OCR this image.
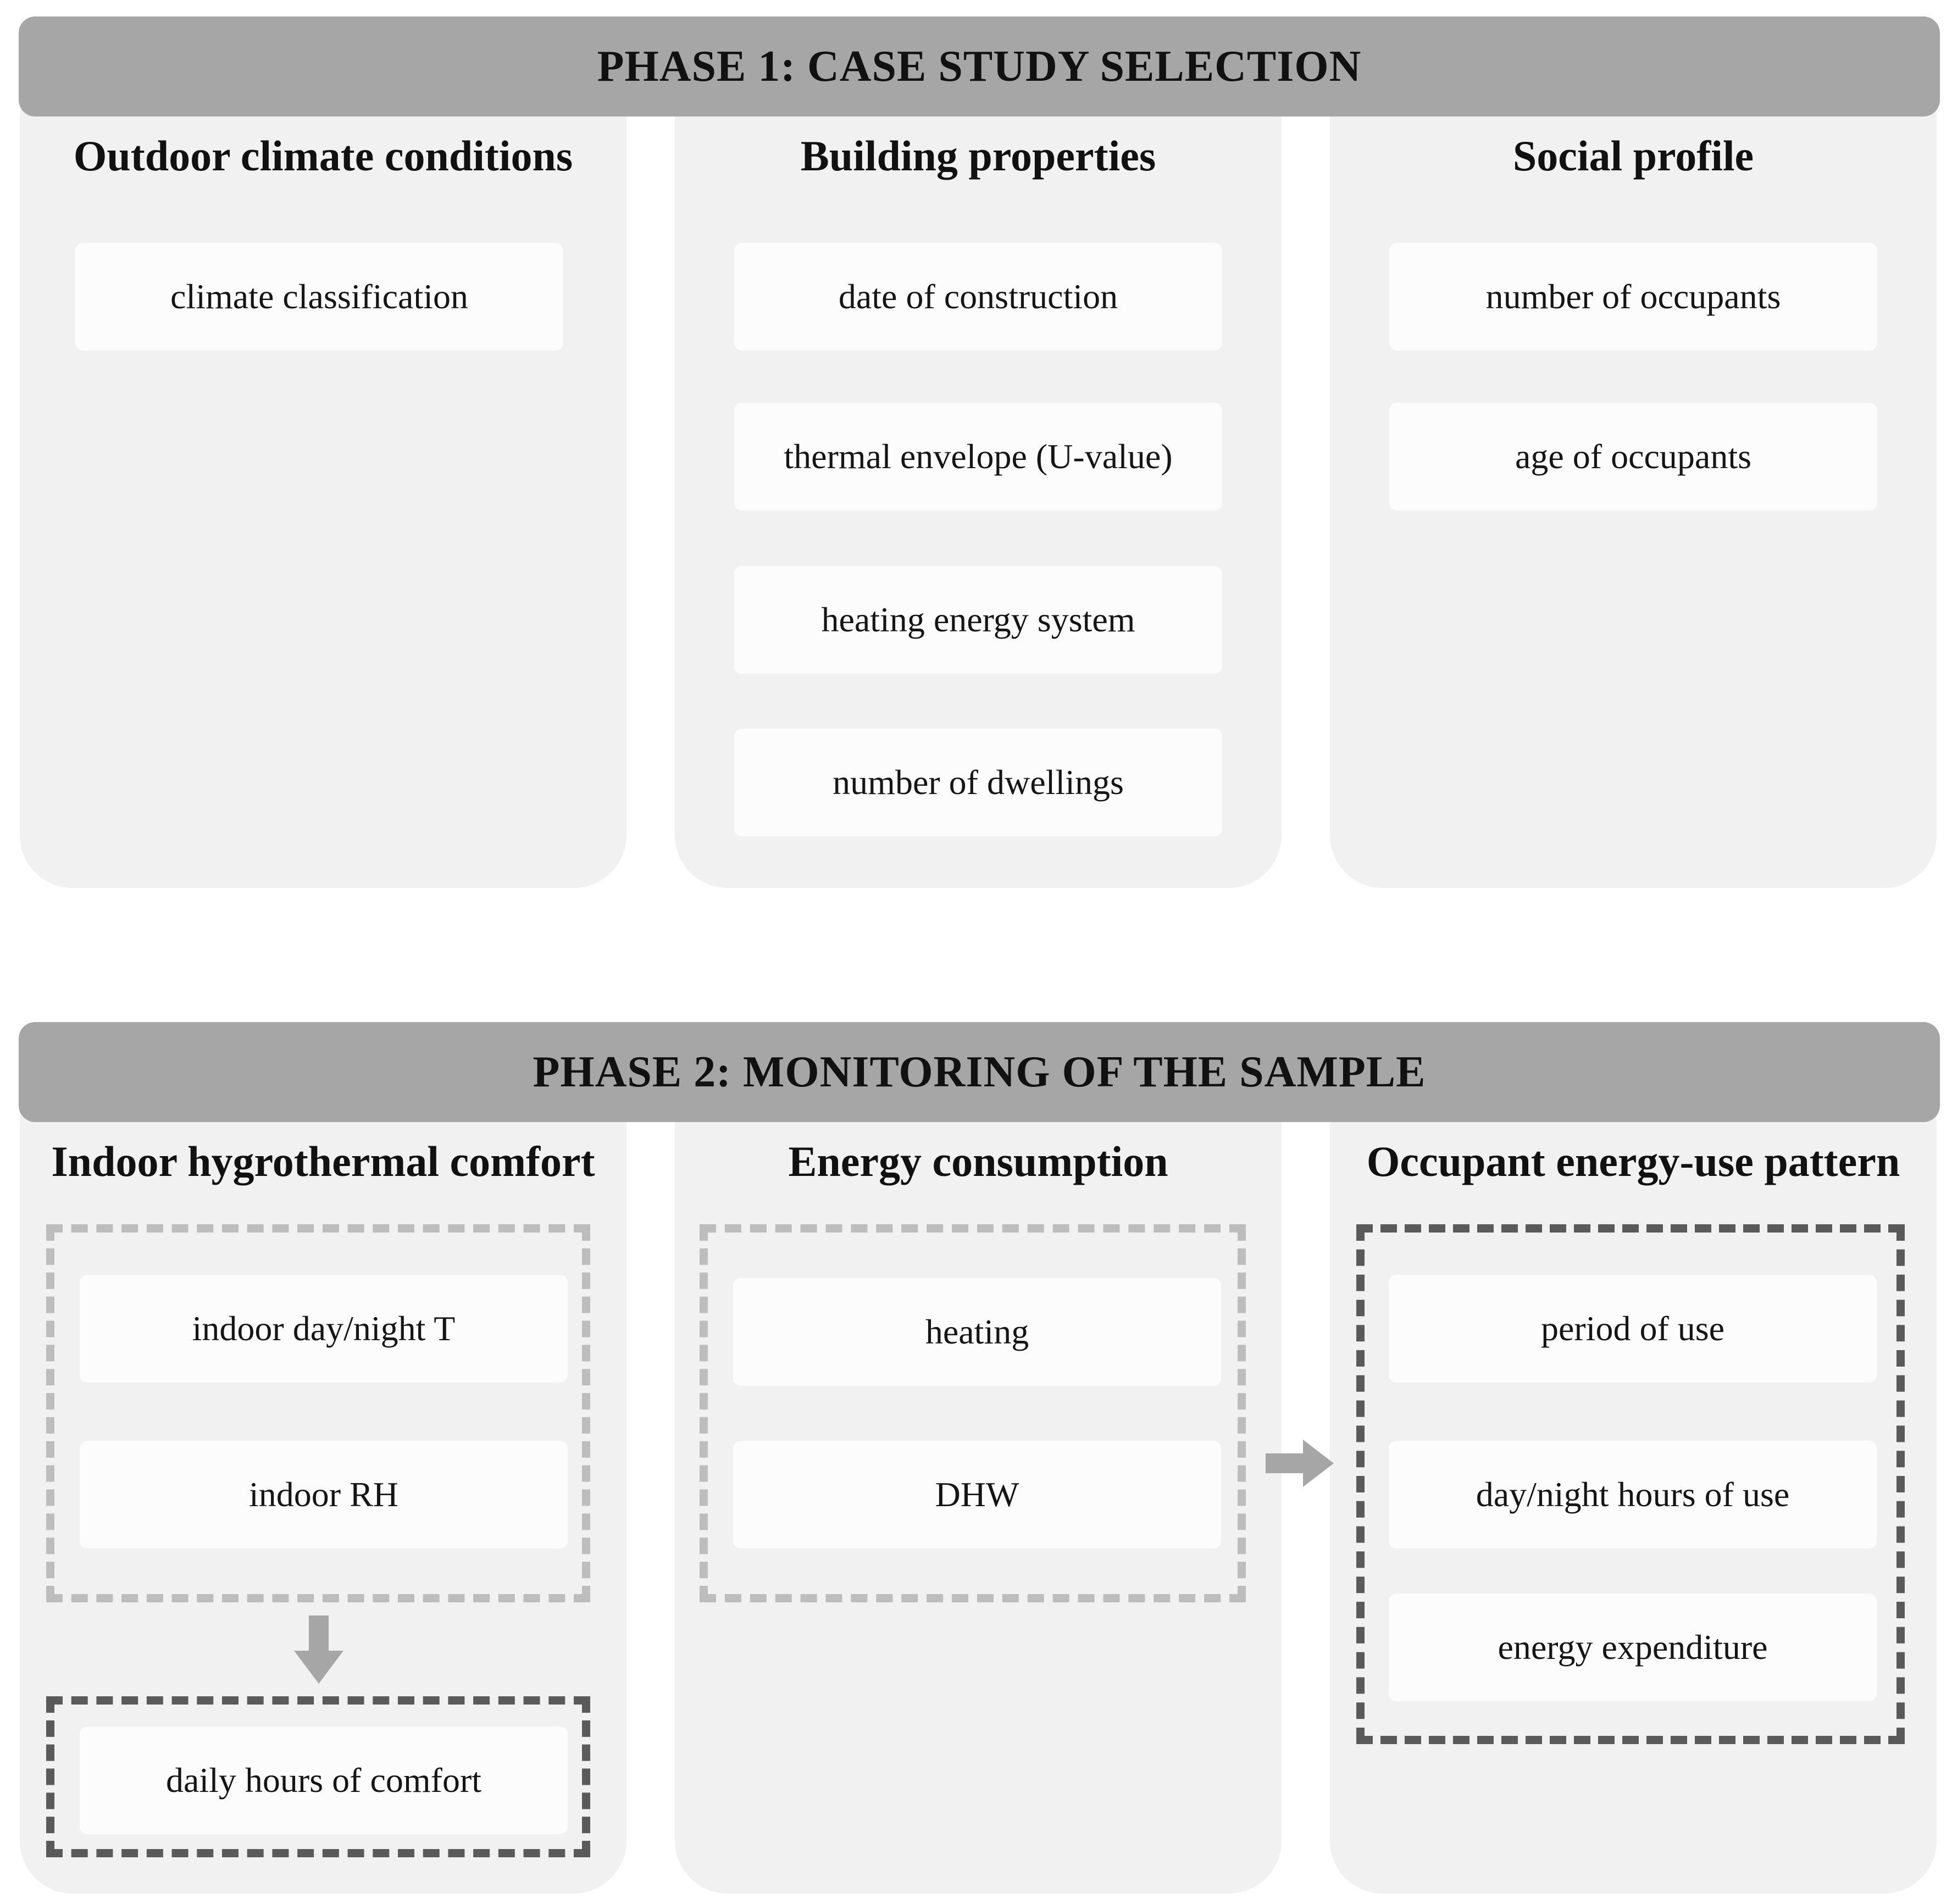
PHASE 1: CASE STUDY SELECTION
Outdoor climate conditions	Building properties	Social profile
climate classification	date of construction
thermal envelope (U-value)
heating energy system
number of dwellings
number of occupants
age of occupants
PHASE 2: MONITORING OF THE SAMPLE
Indoor hygrothermal comfort	Energy consumption	Occupant energy-use pattern
indoor day/night T
indoor RH
daily hours of comfort
heating
DHW
period of use
day/night hours of use
energy expenditure
